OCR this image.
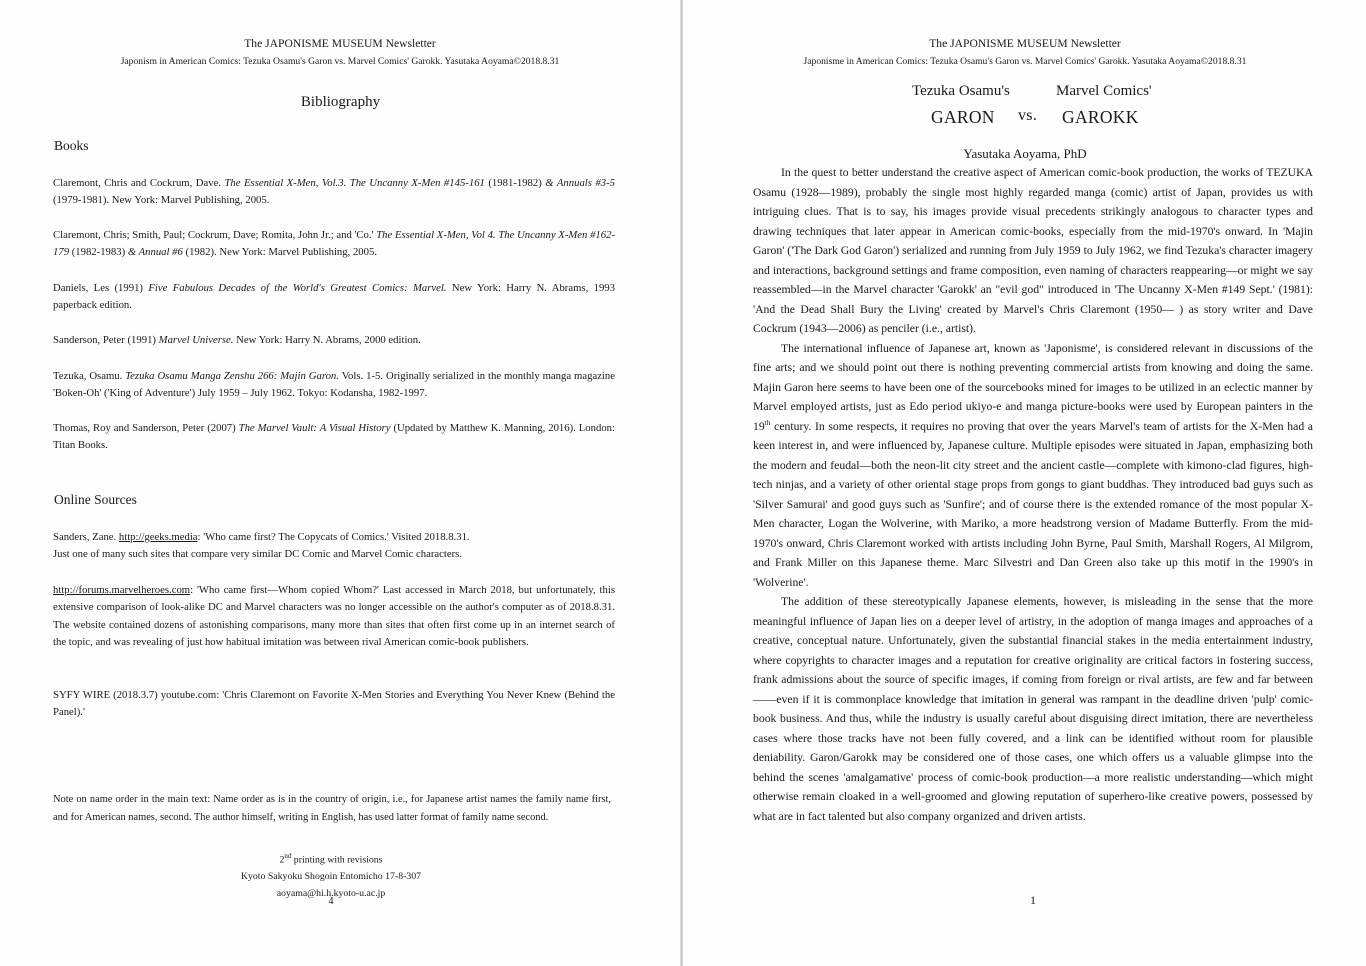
The JAPONISME MUSEUM Newsletter
Japonism in American Comics: Tezuka Osamu's Garon vs. Marvel Comics' Garokk. Yasutaka Aoyama©2018.8.31
Bibliography
Books
Claremont, Chris and Cockrum, Dave. The Essential X-Men, Vol.3. The Uncanny X-Men #145-161 (1981-1982) & Annuals #3-5 (1979-1981). New York: Marvel Publishing, 2005.
Claremont, Chris; Smith, Paul; Cockrum, Dave; Romita, John Jr.; and 'Co.' The Essential X-Men, Vol 4. The Uncanny X-Men #162-179 (1982-1983) & Annual #6 (1982). New York: Marvel Publishing, 2005.
Daniels, Les (1991) Five Fabulous Decades of the World's Greatest Comics: Marvel. New York: Harry N. Abrams, 1993 paperback edition.
Sanderson, Peter (1991) Marvel Universe. New York: Harry N. Abrams, 2000 edition.
Tezuka, Osamu. Tezuka Osamu Manga Zenshu 266: Majin Garon. Vols. 1-5. Originally serialized in the monthly manga magazine 'Boken-Oh' ('King of Adventure') July 1959 – July 1962. Tokyo: Kodansha, 1982-1997.
Thomas, Roy and Sanderson, Peter (2007) The Marvel Vault: A Visual History (Updated by Matthew K. Manning, 2016). London: Titan Books.
Online Sources
Sanders, Zane. http://geeks.media: 'Who came first? The Copycats of Comics.' Visited 2018.8.31.
Just one of many such sites that compare very similar DC Comic and Marvel Comic characters.
http://forums.marvelheroes.com: 'Who came first—Whom copied Whom?' Last accessed in March 2018, but unfortunately, this extensive comparison of look-alike DC and Marvel characters was no longer accessible on the author's computer as of 2018.8.31. The website contained dozens of astonishing comparisons, many more than sites that often first come up in an internet search of the topic, and was revealing of just how habitual imitation was between rival American comic-book publishers.
SYFY WIRE (2018.3.7) youtube.com: 'Chris Claremont on Favorite X-Men Stories and Everything You Never Knew (Behind the Panel).'
Note on name order in the main text: Name order as is in the country of origin, i.e., for Japanese artist names the family name first, and for American names, second. The author himself, writing in English, has used latter format of family name second.
2nd printing with revisions
Kyoto Sakyoku Shogoin Entomicho 17-8-307
aoyama@hi.h.kyoto-u.ac.jp
4
The JAPONISME MUSEUM Newsletter
Japonisme in American Comics: Tezuka Osamu's Garon vs. Marvel Comics' Garokk. Yasutaka Aoyama©2018.8.31
Tezuka Osamu's	Marvel Comics'
GARON vs. GAROKK
Yasutaka Aoyama, PhD

In the quest to better understand the creative aspect of American comic-book production, the works of TEZUKA Osamu (1928—1989), probably the single most highly regarded manga (comic) artist of Japan, provides us with intriguing clues. That is to say, his images provide visual precedents strikingly analogous to character types and drawing techniques that later appear in American comic-books, especially from the mid-1970's onward. In 'Majin Garon' ('The Dark God Garon') serialized and running from July 1959 to July 1962, we find Tezuka's character imagery and interactions, background settings and frame composition, even naming of characters reappearing—or might we say reassembled—in the Marvel character 'Garokk' an "evil god" introduced in 'The Uncanny X-Men #149 Sept.' (1981): 'And the Dead Shall Bury the Living' created by Marvel's Chris Claremont (1950— ) as story writer and Dave Cockrum (1943—2006) as penciler (i.e., artist).

The international influence of Japanese art, known as 'Japonisme', is considered relevant in discussions of the fine arts; and we should point out there is nothing preventing commercial artists from knowing and doing the same. Majin Garon here seems to have been one of the sourcebooks mined for images to be utilized in an eclectic manner by Marvel employed artists, just as Edo period ukiyo-e and manga picture-books were used by European painters in the 19th century. In some respects, it requires no proving that over the years Marvel's team of artists for the X-Men had a keen interest in, and were influenced by, Japanese culture. Multiple episodes were situated in Japan, emphasizing both the modern and feudal—both the neon-lit city street and the ancient castle—complete with kimono-clad figures, high-tech ninjas, and a variety of other oriental stage props from gongs to giant buddhas. They introduced bad guys such as 'Silver Samurai' and good guys such as 'Sunfire'; and of course there is the extended romance of the most popular X-Men character, Logan the Wolverine, with Mariko, a more headstrong version of Madame Butterfly. From the mid-1970's onward, Chris Claremont worked with artists including John Byrne, Paul Smith, Marshall Rogers, Al Milgrom, and Frank Miller on this Japanese theme. Marc Silvestri and Dan Green also take up this motif in the 1990's in 'Wolverine'.

The addition of these stereotypically Japanese elements, however, is misleading in the sense that the more meaningful influence of Japan lies on a deeper level of artistry, in the adoption of manga images and approaches of a creative, conceptual nature. Unfortunately, given the substantial financial stakes in the media entertainment industry, where copyrights to character images and a reputation for creative originality are critical factors in fostering success, frank admissions about the source of specific images, if coming from foreign or rival artists, are few and far between——even if it is commonplace knowledge that imitation in general was rampant in the deadline driven 'pulp' comic-book business. And thus, while the industry is usually careful about disguising direct imitation, there are nevertheless cases where those tracks have not been fully covered, and a link can be identified without room for plausible deniability. Garon/Garokk may be considered one of those cases, one which offers us a valuable glimpse into the behind the scenes 'amalgamative' process of comic-book production—a more realistic understanding—which might otherwise remain cloaked in a well-groomed and glowing reputation of superhero-like creative powers, possessed by what are in fact talented but also company organized and driven artists.

1
